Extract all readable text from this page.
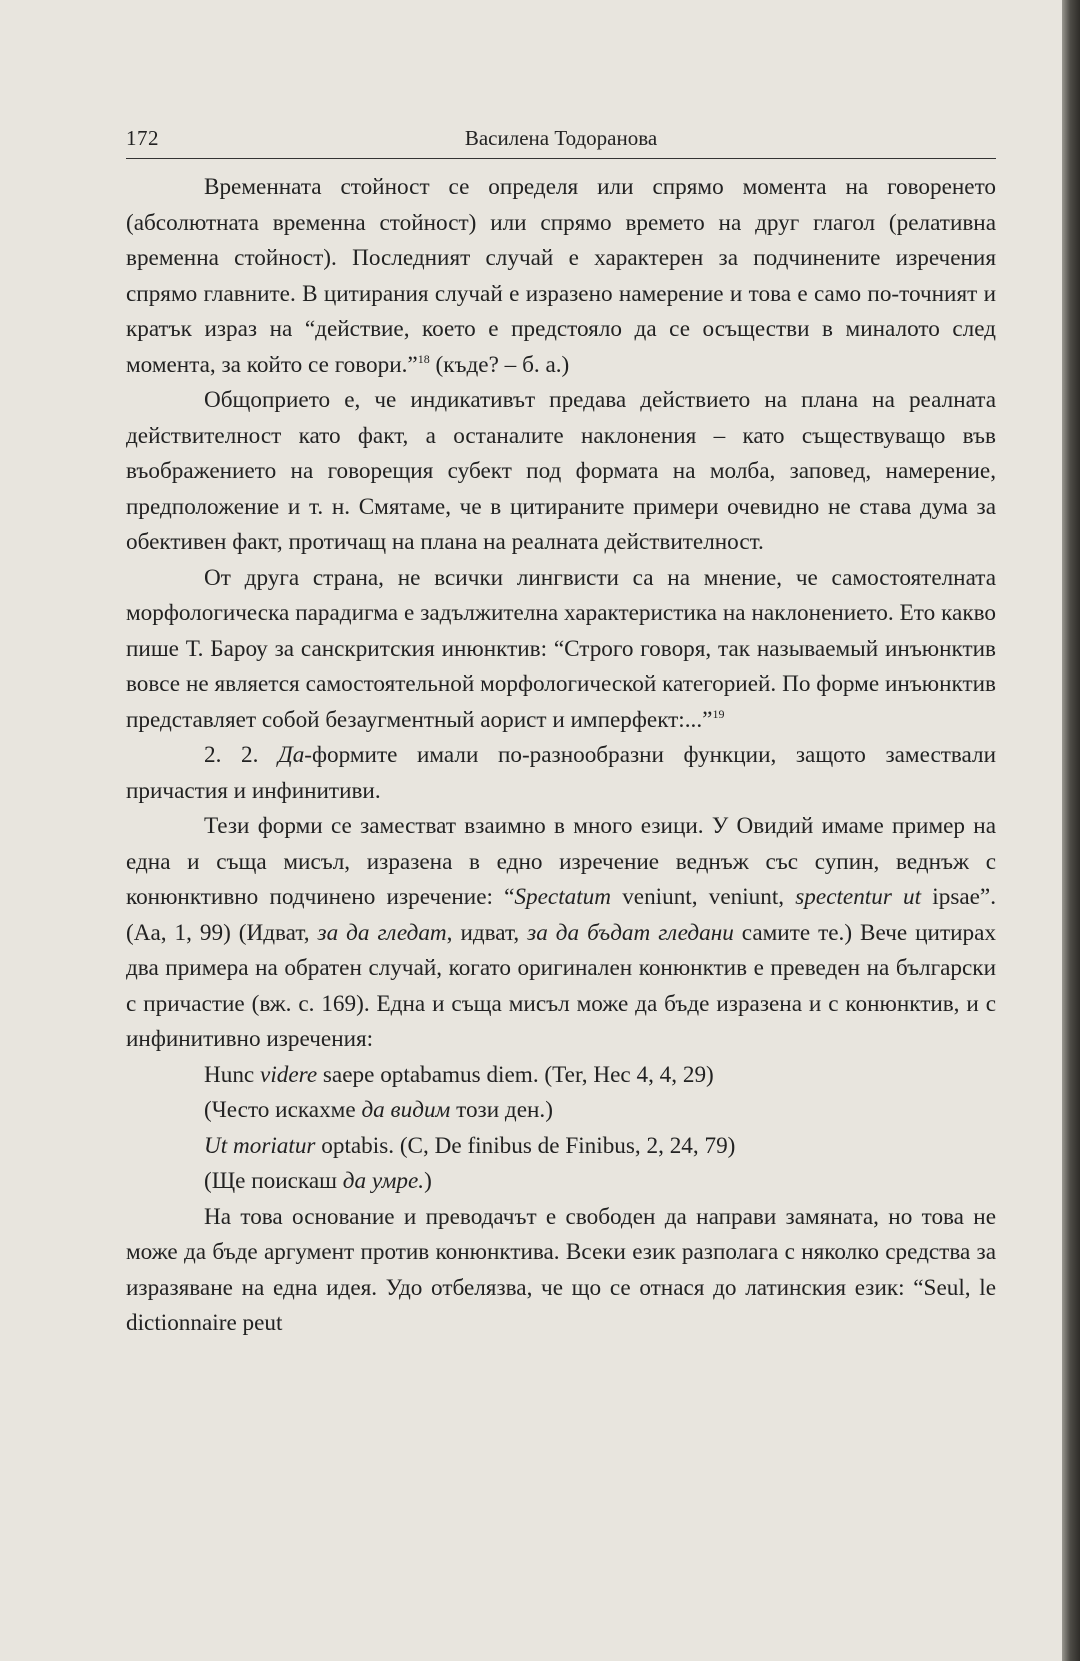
172	Василена Тодоранова

Временната стойност се определя или спрямо момента на говоренето (абсолютната временна стойност) или спрямо времето на друг глагол (релативна временна стойност). Последният случай е характерен за подчинените изречения спрямо главните. В цитирания случай е изразено намерение и това е само по-точният и кратък израз на “действие, което е предстояло да се осъществи в миналото след момента, за който се говори.”$^{18}$ (къде? – б. а.)

Общоприето е, че индикативът предава действието на плана на реалната действителност като факт, а останалите наклонения – като съществуващо във въображението на говорещия субект под формата на молба, заповед, намерение, предположение и т. н. Смятаме, че в цитираните примери очевидно не става дума за обективен факт, протичащ на плана на реалната действителност.

От друга страна, не всички лингвисти са на мнение, че самостоятелната морфологическа парадигма е задължителна характеристика на наклонението. Ето какво пише Т. Бароу за санскритския инюнктив: “Строго говоря, так называемый инъюнктив вовсе не является самостоятельной морфологической категорией. По форме инъюнктив представляет собой безаугментный аорист и имперфект:...”$^{19}$

2. 2. Да-формите имали по-разнообразни функции, защото замествали причастия и инфинитиви.

Тези форми се заместват взаимно в много езици. У Овидий имаме пример на една и съща мисъл, изразена в едно изречение веднъж със супин, веднъж с конюнктивно подчинено изречение: “Spectatum veniunt, veniunt, spectentur ut ipsae”. (Aa, 1, 99) (Идват, за да гледат, идват, за да бъдат гледани самите те.) Вече цитирах два примера на обратен случай, когато оригинален конюнктив е преведен на български с причастие (вж. с. 169). Една и съща мисъл може да бъде изразена и с конюнктив, и с инфинитивно изречения:

Hunc videre saepe optabamus diem. (Ter, Hec 4, 4, 29)

(Често искахме да видим този ден.)

Ut moriatur optabis. (C, De finibus de Finibus, 2, 24, 79)

(Ще поискаш да умре.)

На това основание и преводачът е свободен да направи замяната, но това не може да бъде аргумент против конюнктива. Всеки език разполага с няколко средства за изразяване на една идея. Удо отбелязва, че що се отнася до латинския език: “Seul, le dictionnaire peut
